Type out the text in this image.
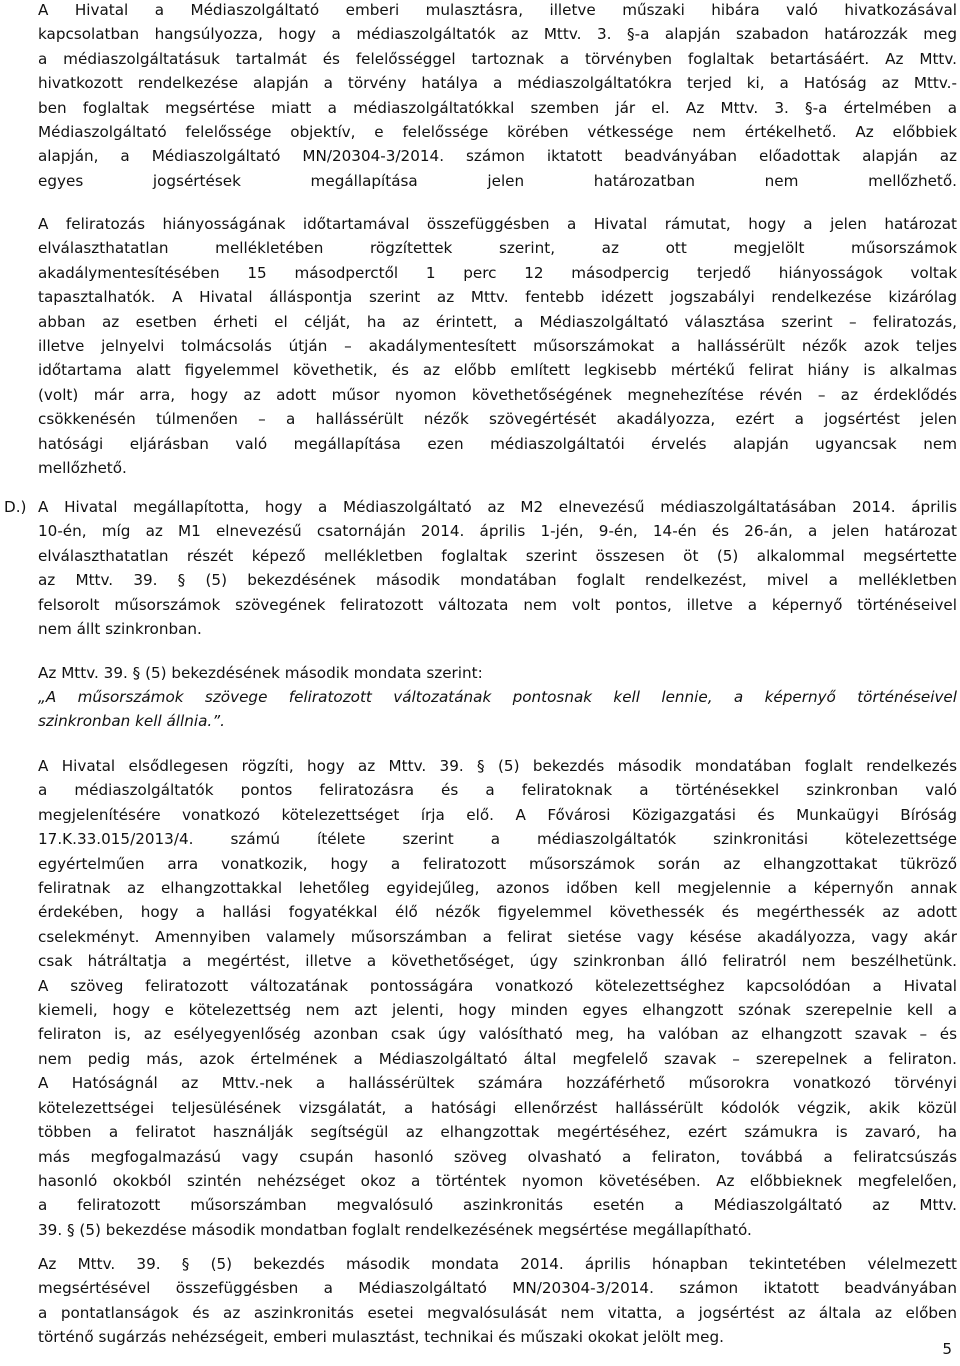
A Hivatal a Médiaszolgáltató emberi mulasztásra, illetve műszaki hibára való hivatkozásával
kapcsolatban hangsúlyozza, hogy a médiaszolgáltatók az Mttv. 3. §-a alapján szabadon határozzák meg
a médiaszolgáltatásuk tartalmát és felelősséggel tartoznak a törvényben foglaltak betartásáért. Az Mttv.
hivatkozott rendelkezése alapján a törvény hatálya a médiaszolgáltatókra terjed ki, a Hatóság az Mttv.-
ben foglaltak megsértése miatt a médiaszolgáltatókkal szemben jár el. Az Mttv. 3. §-a értelmében a
Médiaszolgáltató felelőssége objektív, e felelőssége körében vétkessége nem értékelhető. Az előbbiek
alapján, a Médiaszolgáltató MN/20304-3/2014. számon iktatott beadványában előadottak alapján az
egyes jogsértések megállapítása jelen határozatban nem mellőzhető.
A feliratozás hiányosságának időtartamával összefüggésben a Hivatal rámutat, hogy a jelen határozat
elválaszthatatlan mellékletében rögzítettek szerint, az ott megjelölt műsorszámok
akadálymentesítésében 15 másodperctől 1 perc 12 másodpercig terjedő hiányosságok voltak
tapasztalhatók. A Hivatal álláspontja szerint az Mttv. fentebb idézett jogszabályi rendelkezése kizárólag
abban az esetben érheti el célját, ha az érintett, a Médiaszolgáltató választása szerint – feliratozás,
illetve jelnyelvi tolmácsolás útján – akadálymentesített műsorszámokat a hallássérült nézők azok teljes
időtartama alatt figyelemmel követhetik, és az előbb említett legkisebb mértékű felirat hiány is alkalmas
(volt) már arra, hogy az adott műsor nyomon követhetőségének megnehezítése révén – az érdeklődés
csökkenésén túlmenően – a hallássérült nézők szövegértését akadályozza, ezért a jogsértést jelen
hatósági eljárásban való megállapítása ezen médiaszolgáltatói érvelés alapján ugyancsak nem
mellőzhető.
D.) A Hivatal megállapította, hogy a Médiaszolgáltató az M2 elnevezésű médiaszolgáltatásában 2014. április
10-én, míg az M1 elnevezésű csatornáján 2014. április 1-jén, 9-én, 14-én és 26-án, a jelen határozat
elválaszthatatlan részét képező mellékletben foglaltak szerint összesen öt (5) alkalommal megsértette
az Mttv. 39. § (5) bekezdésének második mondatában foglalt rendelkezést, mivel a mellékletben
felsorolt műsorszámok szövegének feliratozott változata nem volt pontos, illetve a képernyő történéseivel
nem állt szinkronban.
Az Mttv. 39. § (5) bekezdésének második mondata szerint:
„A műsorszámok szövege feliratozott változatának pontosnak kell lennie, a képernyő történéseivel
szinkronban kell állnia.”.
A Hivatal elsődlegesen rögzíti, hogy az Mttv. 39. § (5) bekezdés második mondatában foglalt rendelkezés
a médiaszolgáltatók pontos feliratozásra és a feliratoknak a történésekkel szinkronban való
megjelenítésére vonatkozó kötelezettséget írja elő. A Fővárosi Közigazgatási és Munkaügyi Bíróság
17.K.33.015/2013/4. számú ítélete szerint a médiaszolgáltatók szinkronitási kötelezettsége
egyértelműen arra vonatkozik, hogy a feliratozott műsorszámok során az elhangzottakat tükröző
feliratnak az elhangzottakkal lehetőleg egyidejűleg, azonos időben kell megjelennie a képernyőn annak
érdekében, hogy a hallási fogyatékkal élő nézők figyelemmel követhessék és megérthessék az adott
cselekményt. Amennyiben valamely műsorszámban a felirat sietése vagy késése akadályozza, vagy akár
csak hátráltatja a megértést, illetve a követhetőséget, úgy szinkronban álló feliratról nem beszélhetünk.
A szöveg feliratozott változatának pontosságára vonatkozó kötelezettséghez kapcsolódóan a Hivatal
kiemeli, hogy e kötelezettség nem azt jelenti, hogy minden egyes elhangzott szónak szerepelnie kell a
feliraton is, az esélyegyenlőség azonban csak úgy valósítható meg, ha valóban az elhangzott szavak – és
nem pedig más, azok értelmének a Médiaszolgáltató által megfelelő szavak – szerepelnek a feliraton.
A Hatóságnál az Mttv.-nek a hallássérültek számára hozzáférhető műsorokra vonatkozó törvényi
kötelezettségei teljesülésének vizsgálatát, a hatósági ellenőrzést hallássérült kódolók végzik, akik közül
többen a feliratot használják segítségül az elhangzottak megértéséhez, ezért számukra is zavaró, ha
más megfogalmazású vagy csupán hasonló szöveg olvasható a feliraton, továbbá a feliratcsúszás
hasonló okokból szintén nehézséget okoz a történtek nyomon követésében. Az előbbieknek megfelelően,
a feliratozott műsorszámban megvalósuló aszinkronitás esetén a Médiaszolgáltató az Mttv.
39. § (5) bekezdése második mondatban foglalt rendelkezésének megsértése megállapítható.
Az Mttv. 39. § (5) bekezdés második mondata 2014. április hónapban tekintetében vélelmezett
megsértésével összefüggésben a Médiaszolgáltató MN/20304-3/2014. számon iktatott beadványában
a pontatlanságok és az aszinkronitás esetei megvalósulását nem vitatta, a jogsértést az általa az előben
történő sugárzás nehézségeit, emberi mulasztást, technikai és műszaki okokat jelölt meg.
5
